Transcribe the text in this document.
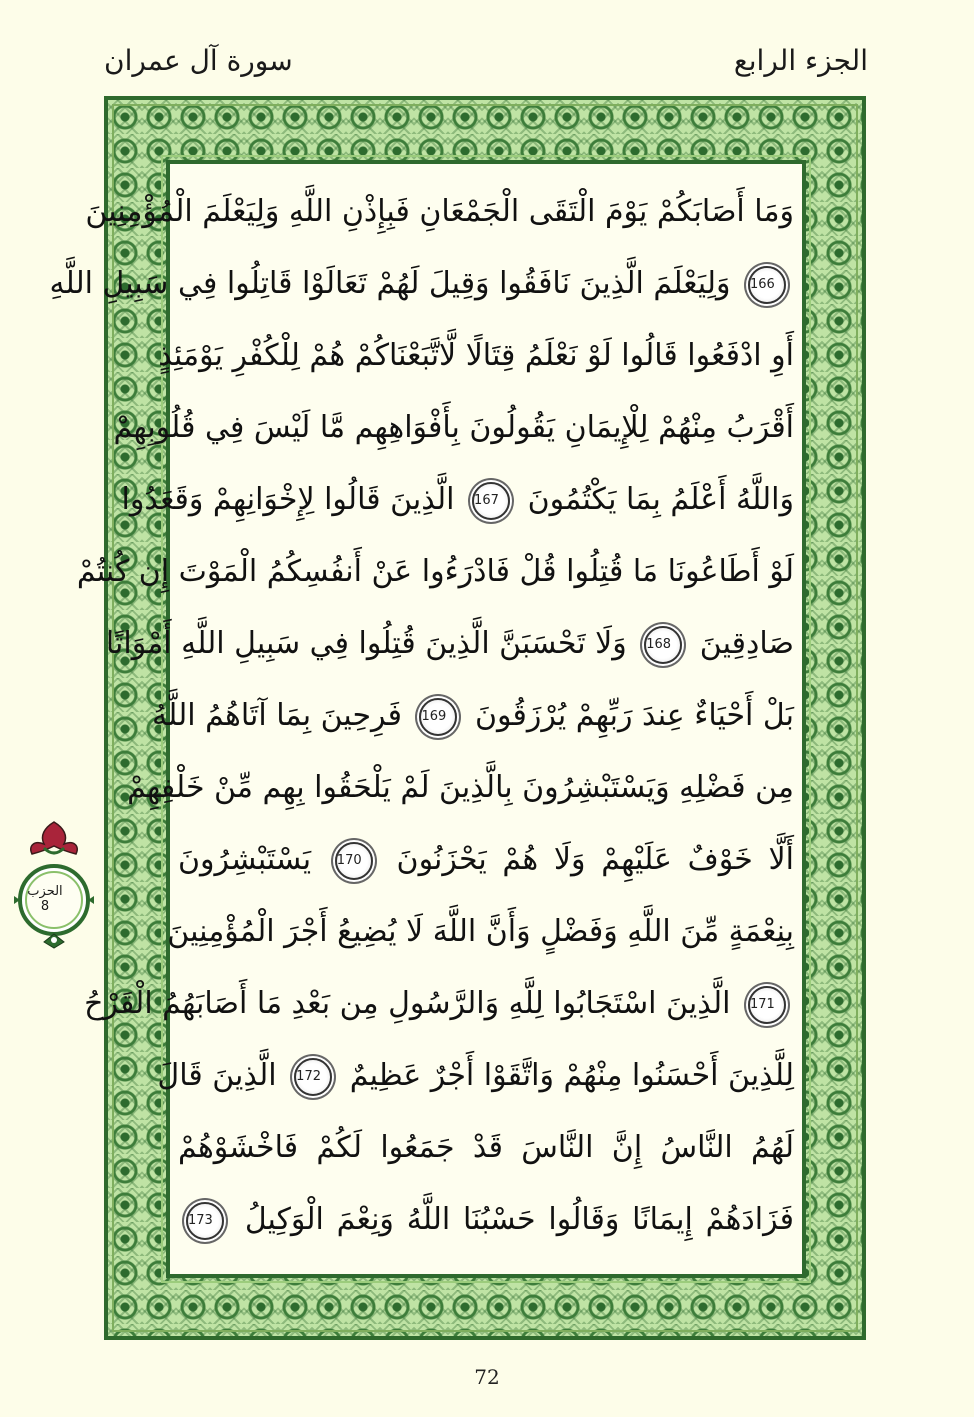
الجزء الرابع
سورة آل عمران
وَمَا أَصَابَكُمْ يَوْمَ الْتَقَى الْجَمْعَانِ فَبِإِذْنِ اللَّهِ وَلِيَعْلَمَ الْمُؤْمِنِينَ
166 وَلِيَعْلَمَ الَّذِينَ نَافَقُوا وَقِيلَ لَهُمْ تَعَالَوْا قَاتِلُوا فِي سَبِيلِ اللَّهِ
أَوِ ادْفَعُوا قَالُوا لَوْ نَعْلَمُ قِتَالًا لَّاتَّبَعْنَاكُمْ هُمْ لِلْكُفْرِ يَوْمَئِذٍ
أَقْرَبُ مِنْهُمْ لِلْإِيمَانِ يَقُولُونَ بِأَفْوَاهِهِم مَّا لَيْسَ فِي قُلُوبِهِمْ
وَاللَّهُ أَعْلَمُ بِمَا يَكْتُمُونَ 167 الَّذِينَ قَالُوا لِإِخْوَانِهِمْ وَقَعَدُوا
لَوْ أَطَاعُونَا مَا قُتِلُوا قُلْ فَادْرَءُوا عَنْ أَنفُسِكُمُ الْمَوْتَ إِن كُنتُمْ
صَادِقِينَ 168 وَلَا تَحْسَبَنَّ الَّذِينَ قُتِلُوا فِي سَبِيلِ اللَّهِ أَمْوَاتًا
بَلْ أَحْيَاءٌ عِندَ رَبِّهِمْ يُرْزَقُونَ 169 فَرِحِينَ بِمَا آتَاهُمُ اللَّهُ
مِن فَضْلِهِ وَيَسْتَبْشِرُونَ بِالَّذِينَ لَمْ يَلْحَقُوا بِهِم مِّنْ خَلْفِهِمْ
أَلَّا خَوْفٌ عَلَيْهِمْ وَلَا هُمْ يَحْزَنُونَ 170 يَسْتَبْشِرُونَ
بِنِعْمَةٍ مِّنَ اللَّهِ وَفَضْلٍ وَأَنَّ اللَّهَ لَا يُضِيعُ أَجْرَ الْمُؤْمِنِينَ
171 الَّذِينَ اسْتَجَابُوا لِلَّهِ وَالرَّسُولِ مِن بَعْدِ مَا أَصَابَهُمُ الْقَرْحُ
لِلَّذِينَ أَحْسَنُوا مِنْهُمْ وَاتَّقَوْا أَجْرٌ عَظِيمٌ 172 الَّذِينَ قَالَ
لَهُمُ النَّاسُ إِنَّ النَّاسَ قَدْ جَمَعُوا لَكُمْ فَاخْشَوْهُمْ
فَزَادَهُمْ إِيمَانًا وَقَالُوا حَسْبُنَا اللَّهُ وَنِعْمَ الْوَكِيلُ 173
الحزب
8
72
